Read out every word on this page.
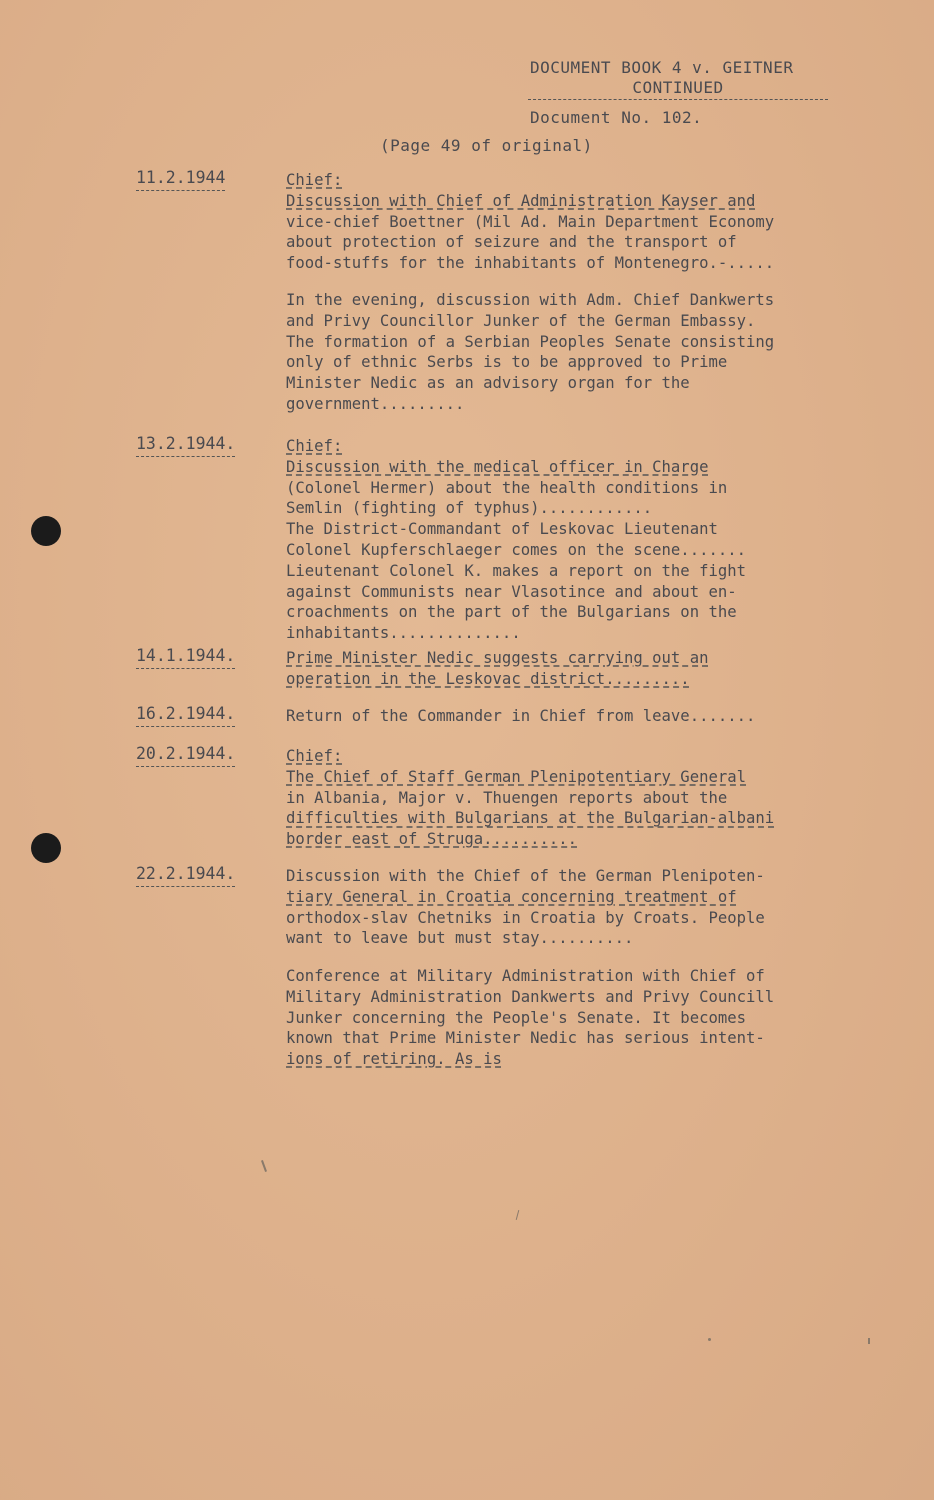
DOCUMENT BOOK 4 v. GEITNER
CONTINUED
Document No. 102.
(Page 49 of original)
11.2.1944	Chief:
Discussion with Chief of Administration Kayser and
vice-chief Boettner (Mil Ad. Main Department Economy
about protection of seizure and the transport of
food-stuffs for the inhabitants of Montenegro.-.....
In the evening, discussion with Adm. Chief Dankwerts
and Privy Councillor Junker of the German Embassy.
The formation of a Serbian Peoples Senate consisting
only of ethnic Serbs is to be approved to Prime
Minister Nedic as an advisory organ for the
government.........
13.2.1944.	Chief:
Discussion with the medical officer in Charge
(Colonel Hermer) about the health conditions in
Semlin (fighting of typhus)............
The District-Commandant of Leskovac Lieutenant
Colonel Kupferschlaeger comes on the scene.......
Lieutenant Colonel K. makes a report on the fight
against Communists near Vlasotince and about en-
croachments on the part of the Bulgarians on the
inhabitants..............
14.1.1944.	Prime Minister Nedic suggests carrying out an
operation in the Leskovac district.........
16.2.1944.	Return of the Commander in Chief from leave.......
20.2.1944.	Chief:
The Chief of Staff German Plenipotentiary General
in Albania, Major v. Thuengen reports about the
difficulties with Bulgarians at the Bulgarian-albani
border east of Struga..........
22.2.1944.	Discussion with the Chief of the German Plenipoten-
tiary General in Croatia concerning treatment of
orthodox-slav Chetniks in Croatia by Croats. People
want to leave but must stay..........
Conference at Military Administration with Chief of
Military Administration Dankwerts and Privy Councill
Junker concerning the People's Senate. It becomes
known that Prime Minister Nedic has serious intent-
ions of retiring. As is
